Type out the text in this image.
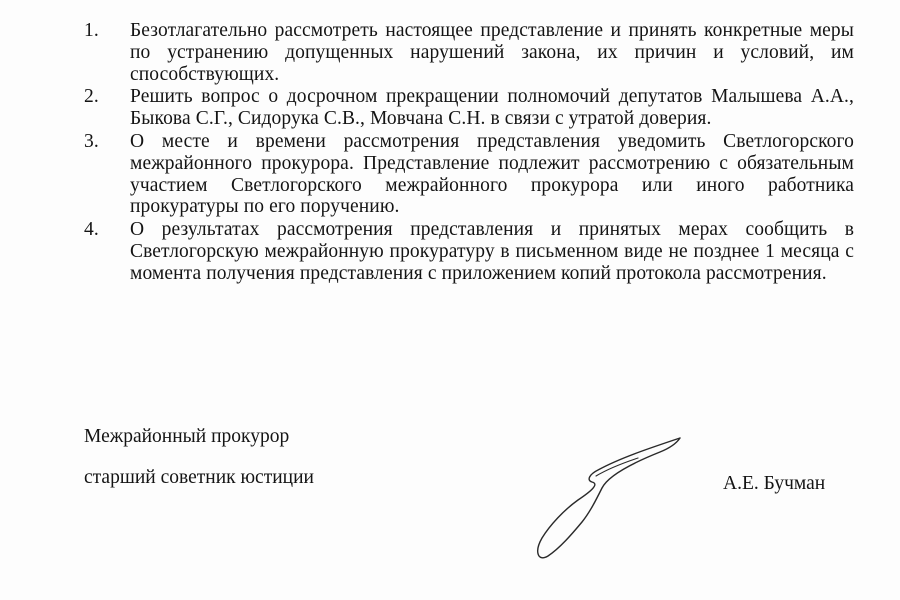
1. Безотлагательно рассмотреть настоящее представление и принять конкретные меры по устранению допущенных нарушений закона, их причин и условий, им способствующих.
2. Решить вопрос о досрочном прекращении полномочий депутатов Малышева А.А., Быкова С.Г., Сидорука С.В., Мовчана С.Н. в связи с утратой доверия.
3. О месте и времени рассмотрения представления уведомить Светлогорского межрайонного прокурора. Представление подлежит рассмотрению с обязательным участием Светлогорского межрайонного прокурора или иного работника прокуратуры по его поручению.
4. О результатах рассмотрения представления и принятых мерах сообщить в Светлогорскую межрайонную прокуратуру в письменном виде не позднее 1 месяца с момента получения представления с приложением копий протокола рассмотрения.
Межрайонный прокурор
старший советник юстиции	А.Е. Бучман
